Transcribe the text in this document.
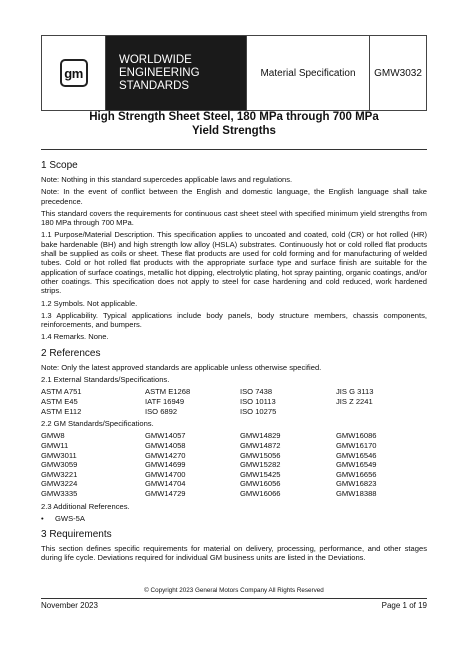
gm
WORLDWIDE
ENGINEERING
STANDARDS
Material Specification	GMW3032
High Strength Sheet Steel, 180 MPa through 700 MPa
Yield Strengths
1 Scope

Note: Nothing in this standard supercedes applicable laws and regulations.

Note: In the event of conflict between the English and domestic language, the English language shall take precedence.

This standard covers the requirements for continuous cast sheet steel with specified minimum yield strengths from 180 MPa through 700 MPa.

1.1 Purpose/Material Description. This specification applies to uncoated and coated, cold (CR) or hot rolled (HR) bake hardenable (BH) and high strength low alloy (HSLA) substrates. Continuously hot or cold rolled flat products shall be supplied as coils or sheet. These flat products are used for cold forming and for manufacturing of welded tubes. Cold or hot rolled flat products with the appropriate surface type and surface finish are suitable for the application of surface coatings, metallic hot dipping, electrolytic plating, hot spray painting, organic coatings, and/or other coatings. This specification does not apply to steel for case hardening and cold reduced, work hardened strips.

1.2 Symbols. Not applicable.

1.3 Applicability. Typical applications include body panels, body structure members, chassis components, reinforcements, and bumpers.

1.4 Remarks. None.

2 References

Note: Only the latest approved standards are applicable unless otherwise specified.

2.1 External Standards/Specifications.

ASTM A751	ASTM E1268	ISO 7438	JIS G 3113
ASTM E45	IATF 16949	ISO 10113	JIS Z 2241
ASTM E112	ISO 6892	ISO 10275

2.2 GM Standards/Specifications.

GMW8	GMW14057	GMW14829	GMW16086
GMW11	GMW14058	GMW14872	GMW16170
GMW3011	GMW14270	GMW15056	GMW16546
GMW3059	GMW14699	GMW15282	GMW16549
GMW3221	GMW14700	GMW15425	GMW16656
GMW3224	GMW14704	GMW16056	GMW16823
GMW3335	GMW14729	GMW16066	GMW18388

2.3 Additional References.

•	GWS-5A
3 Requirements

This section defines specific requirements for material on delivery, processing, performance, and other stages during life cycle. Deviations required for individual GM business units are listed in the Deviations.

© Copyright 2023 General Motors Company All Rights Reserved
November 2023	Page 1 of 19
